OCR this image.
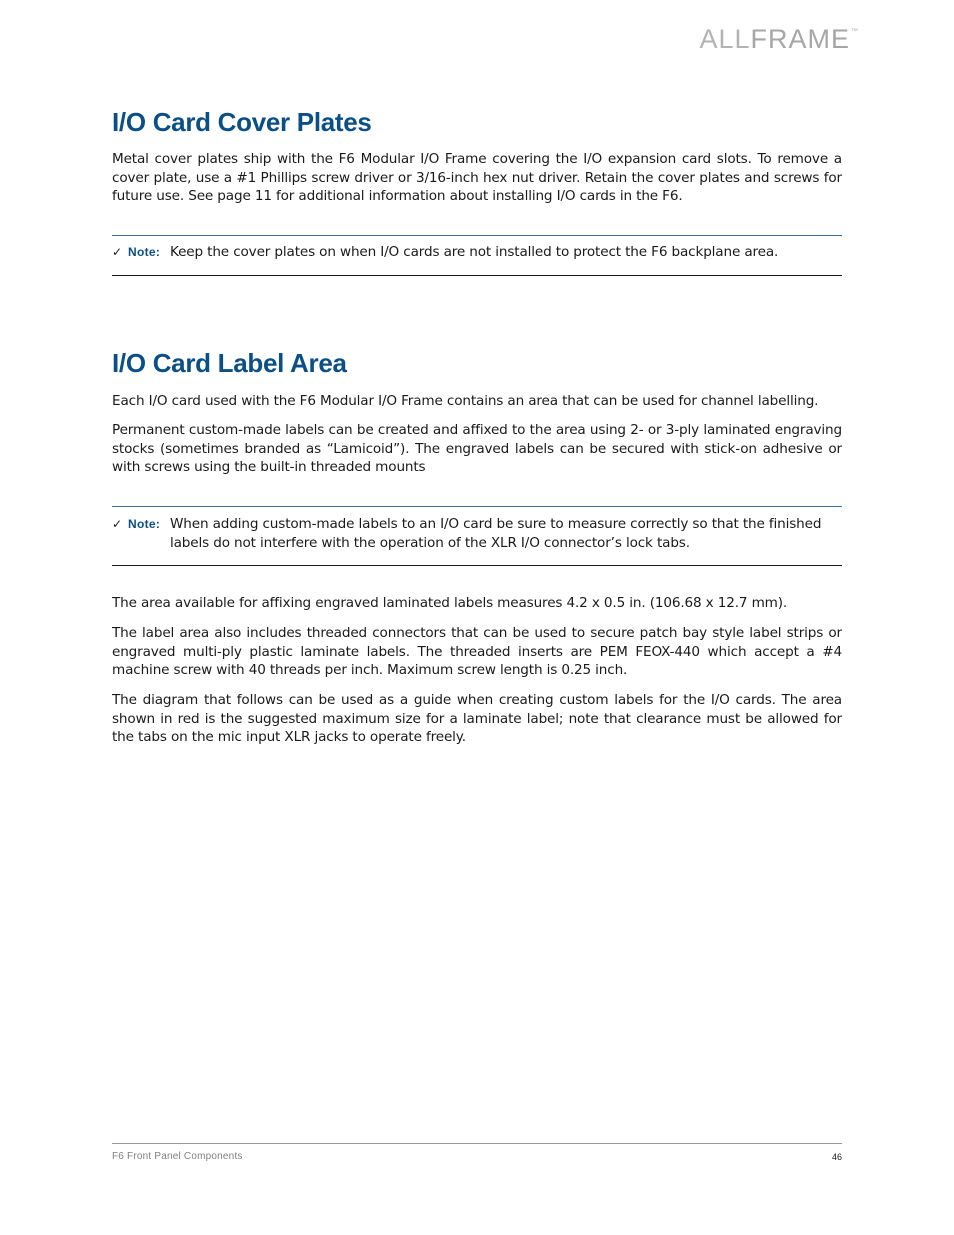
ALLFRAME™
I/O Card Cover Plates

Metal cover plates ship with the F6 Modular I/O Frame covering the I/O expansion card slots. To remove a cover plate, use a #1 Phillips screw driver or 3/16-inch hex nut driver. Retain the cover plates and screws for future use. See page 11 for additional information about installing I/O cards in the F6.

✓ Note: Keep the cover plates on when I/O cards are not installed to protect the F6 backplane area.
I/O Card Label Area

Each I/O card used with the F6 Modular I/O Frame contains an area that can be used for channel labelling.

Permanent custom-made labels can be created and affixed to the area using 2- or 3-ply laminated engraving stocks (sometimes branded as “Lamicoid”). The engraved labels can be secured with stick-on adhesive or with screws using the built-in threaded mounts

✓ Note: When adding custom-made labels to an I/O card be sure to measure correctly so that the finished labels do not interfere with the operation of the XLR I/O connector’s lock tabs.

The area available for affixing engraved laminated labels measures 4.2 x 0.5 in. (106.68 x 12.7 mm).

The label area also includes threaded connectors that can be used to secure patch bay style label strips or engraved multi-ply plastic laminate labels. The threaded inserts are PEM FEOX-440 which accept a #4 machine screw with 40 threads per inch. Maximum screw length is 0.25 inch.

The diagram that follows can be used as a guide when creating custom labels for the I/O cards. The area shown in red is the suggested maximum size for a laminate label; note that clearance must be allowed for the tabs on the mic input XLR jacks to operate freely.

F6 Front Panel Components	46
